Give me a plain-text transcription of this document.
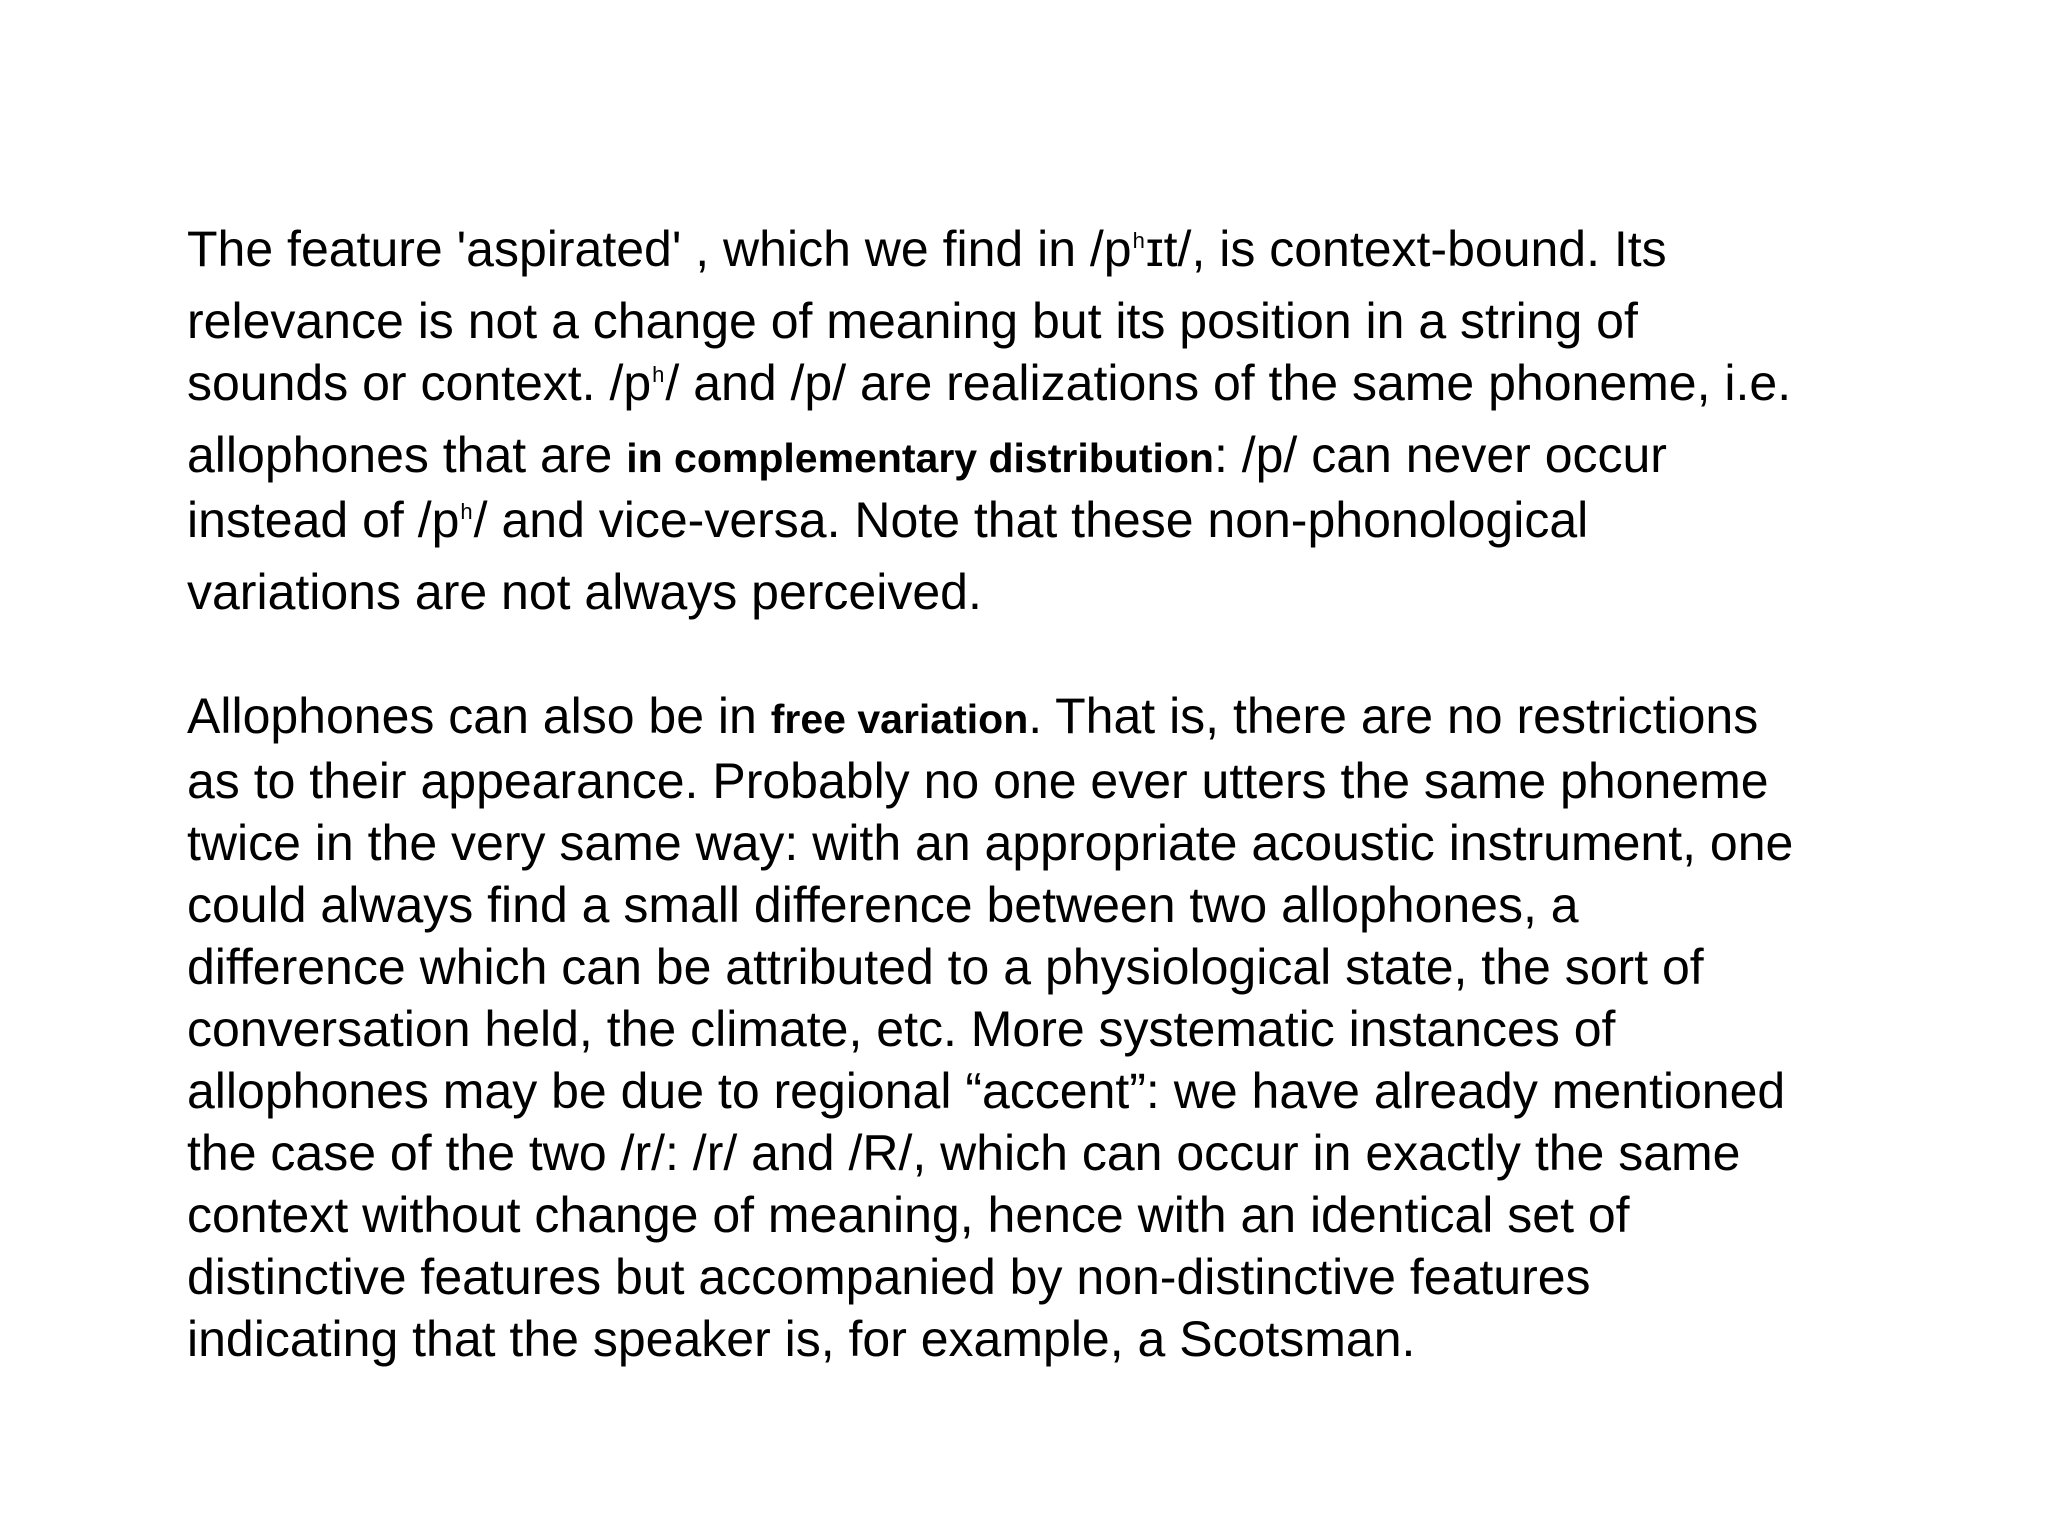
The feature 'aspirated' , which we find in $/p^hɪt/$, is context-bound. Its
relevance is not a change of meaning but its position in a string of
sounds or context. $/p^h/$ and /p/ are realizations of the same phoneme, i.e.
allophones that are in complementary distribution: /p/ can never occur
instead of $/p^h/$ and vice-versa. Note that these non-phonological
variations are not always perceived.
Allophones can also be in free variation. That is, there are no restrictions
as to their appearance. Probably no one ever utters the same phoneme
twice in the very same way: with an appropriate acoustic instrument, one
could always find a small difference between two allophones, a
difference which can be attributed to a physiological state, the sort of
conversation held, the climate, etc. More systematic instances of
allophones may be due to regional “accent”: we have already mentioned
the case of the two /r/: /r/ and /R/, which can occur in exactly the same
context without change of meaning, hence with an identical set of
distinctive features but accompanied by non-distinctive features
indicating that the speaker is, for example, a Scotsman.
